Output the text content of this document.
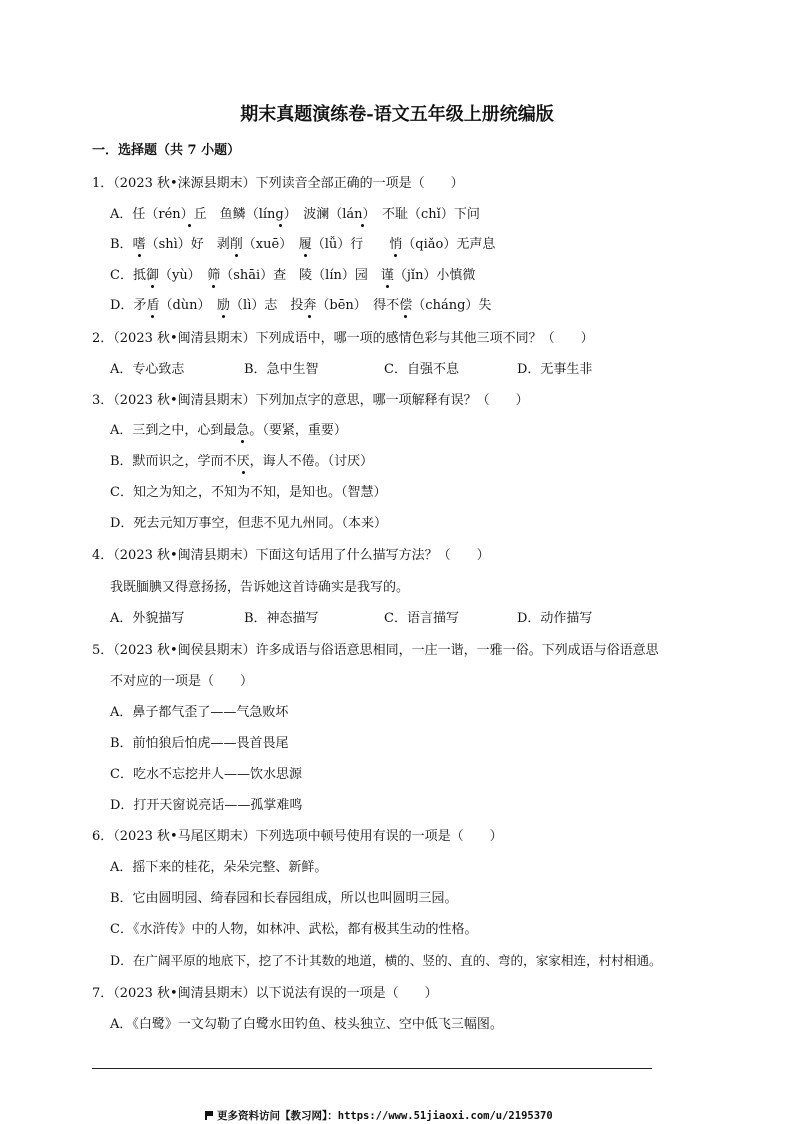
期末真题演练卷-语文五年级上册统编版
一．选择题（共 7 小题）
1．（2023 秋•涞源县期末）下列读音全部正确的一项是（　　）
A．任（rén）丘　鱼鳞（líng）　波澜（lán）　不耻（chǐ）下问
B．嗜（shì）好　剥削（xuē）　履（lǚ）行　　悄（qiǎo）无声息
C．抵御（yù）　筛（shāi）查　陵（lín）园　谨（jǐn）小慎微
D．矛盾（dùn）　励（lì）志　投奔（bēn）　得不偿（cháng）失
2．（2023 秋•闽清县期末）下列成语中，哪一项的感情色彩与其他三项不同？（　　）
A．专心致志	B．急中生智	C．自强不息	D．无事生非
3．（2023 秋•闽清县期末）下列加点字的意思，哪一项解释有误？（　　）
A．三到之中，心到最急。（要紧，重要）
B．默而识之，学而不厌，诲人不倦。（讨厌）
C．知之为知之，不知为不知，是知也。（智慧）
D．死去元知万事空，但悲不见九州同。（本来）
4．（2023 秋•闽清县期末）下面这句话用了什么描写方法？（　　）
我既腼腆又得意扬扬，告诉她这首诗确实是我写的。
A．外貌描写	B．神态描写	C．语言描写	D．动作描写
5．（2023 秋•闽侯县期末）许多成语与俗语意思相同，一庄一谐，一雅一俗。下列成语与俗语意思
不对应的一项是（　　）
A．鼻子都气歪了——气急败坏
B．前怕狼后怕虎——畏首畏尾
C．吃水不忘挖井人——饮水思源
D．打开天窗说亮话——孤掌难鸣
6．（2023 秋•马尾区期末）下列选项中顿号使用有误的一项是（　　）
A．摇下来的桂花，朵朵完整、新鲜。
B．它由圆明园、绮春园和长春园组成，所以也叫圆明三园。
C．《水浒传》中的人物，如林冲、武松，都有极其生动的性格。
D．在广阔平原的地底下，挖了不计其数的地道，横的、竖的、直的、弯的，家家相连，村村相通。
7．（2023 秋•闽清县期末）以下说法有误的一项是（　　）
A．《白鹭》一文勾勒了白鹭水田钓鱼、枝头独立、空中低飞三幅图。
更多资料访问【教习网】：https://www.51jiaoxi.com/u/2195370
